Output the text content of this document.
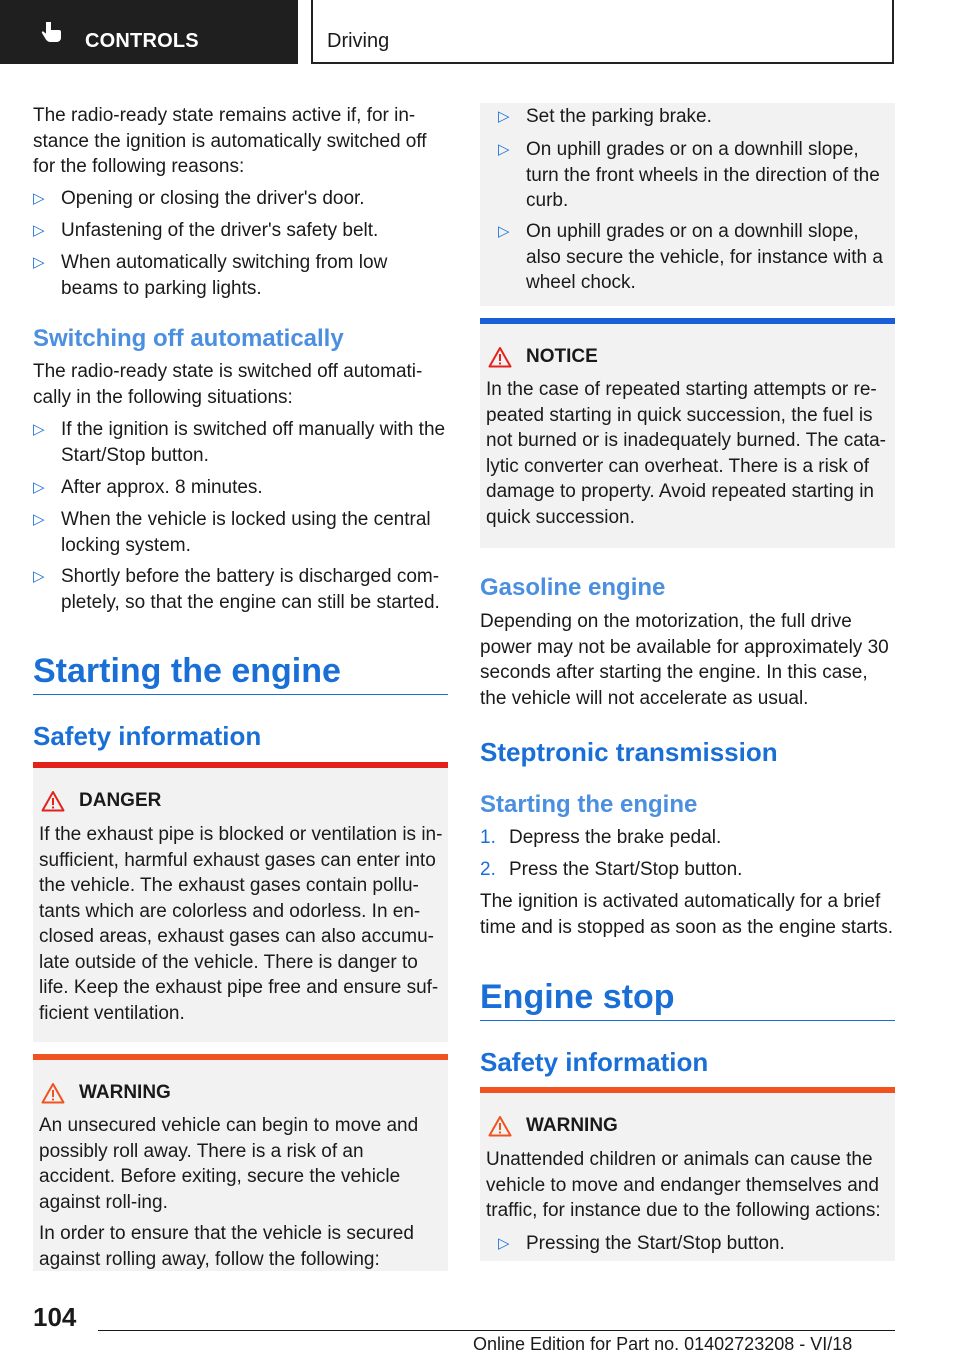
CONTROLS	Driving

The radio-ready state remains active if, for in-stance the ignition is automatically switched off for the following reasons:

▷ Opening or closing the driver's door.
▷ Unfastening of the driver's safety belt.
▷ When automatically switching from low beams to parking lights.
Switching off automatically

The radio-ready state is switched off automati-cally in the following situations:

▷ If the ignition is switched off manually with the Start/Stop button.
▷ After approx. 8 minutes.
▷ When the vehicle is locked using the central locking system.
▷ Shortly before the battery is discharged com-pletely, so that the engine can still be started.
Starting the engine
Safety information
DANGER

If the exhaust pipe is blocked or ventilation is in-sufficient, harmful exhaust gases can enter into the vehicle. The exhaust gases contain pollu-tants which are colorless and odorless. In en-closed areas, exhaust gases can also accumu-late outside of the vehicle. There is danger to life. Keep the exhaust pipe free and ensure suf-ficient ventilation.

WARNING

An unsecured vehicle can begin to move and possibly roll away. There is a risk of an accident. Before exiting, secure the vehicle against roll-ing.

In order to ensure that the vehicle is secured against rolling away, follow the following:

▷ Set the parking brake.
▷ On uphill grades or on a downhill slope, turn the front wheels in the direction of the curb.
▷ On uphill grades or on a downhill slope, also secure the vehicle, for instance with a wheel chock.
NOTICE

In the case of repeated starting attempts or re-peated starting in quick succession, the fuel is not burned or is inadequately burned. The cata-lytic converter can overheat. There is a risk of damage to property. Avoid repeated starting in quick succession.

Gasoline engine

Depending on the motorization, the full drive power may not be available for approximately 30 seconds after starting the engine. In this case, the vehicle will not accelerate as usual.

Steptronic transmission
Starting the engine
1. Depress the brake pedal.
2. Press the Start/Stop button.

The ignition is activated automatically for a brief time and is stopped as soon as the engine starts.

Engine stop
Safety information
WARNING

Unattended children or animals can cause the vehicle to move and endanger themselves and traffic, for instance due to the following actions:

▷ Pressing the Start/Stop button.
104
Online Edition for Part no. 01402723208 - VI/18
